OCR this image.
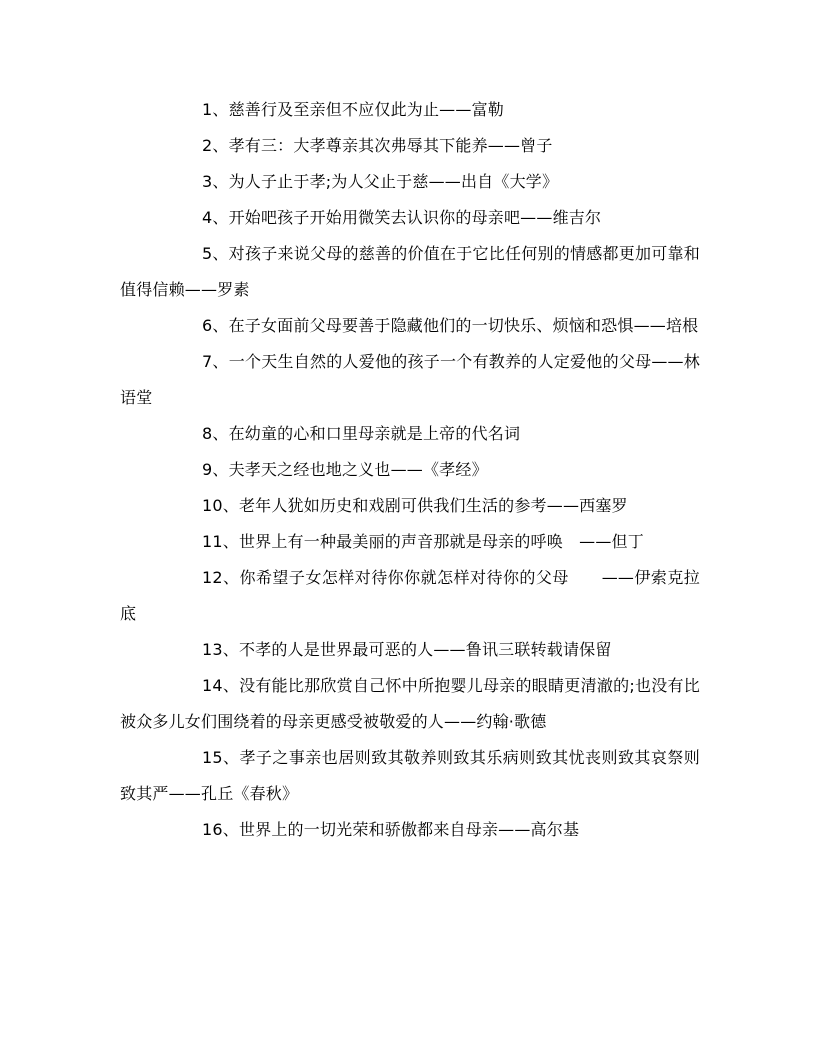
1、慈善行及至亲但不应仅此为止——富勒

2、孝有三：大孝尊亲其次弗辱其下能养——曾子

3、为人子止于孝;为人父止于慈——出自《大学》

4、开始吧孩子开始用微笑去认识你的母亲吧——维吉尔

5、对孩子来说父母的慈善的价值在于它比任何别的情感都更加可靠和值得信赖——罗素

6、在子女面前父母要善于隐藏他们的一切快乐、烦恼和恐惧——培根

7、一个天生自然的人爱他的孩子一个有教养的人定爱他的父母——林语堂

8、在幼童的心和口里母亲就是上帝的代名词

9、夫孝天之经也地之义也——《孝经》

10、老年人犹如历史和戏剧可供我们生活的参考——西塞罗

11、世界上有一种最美丽的声音那就是母亲的呼唤　——但丁

12、你希望子女怎样对待你你就怎样对待你的父母　　——伊索克拉底

13、不孝的人是世界最可恶的人——鲁讯三联转载请保留

14、没有能比那欣赏自己怀中所抱婴儿母亲的眼睛更清澈的;也没有比被众多儿女们围绕着的母亲更感受被敬爱的人——约翰·歌德

15、孝子之事亲也居则致其敬养则致其乐病则致其忧丧则致其哀祭则致其严——孔丘《春秋》

16、世界上的一切光荣和骄傲都来自母亲——高尔基
